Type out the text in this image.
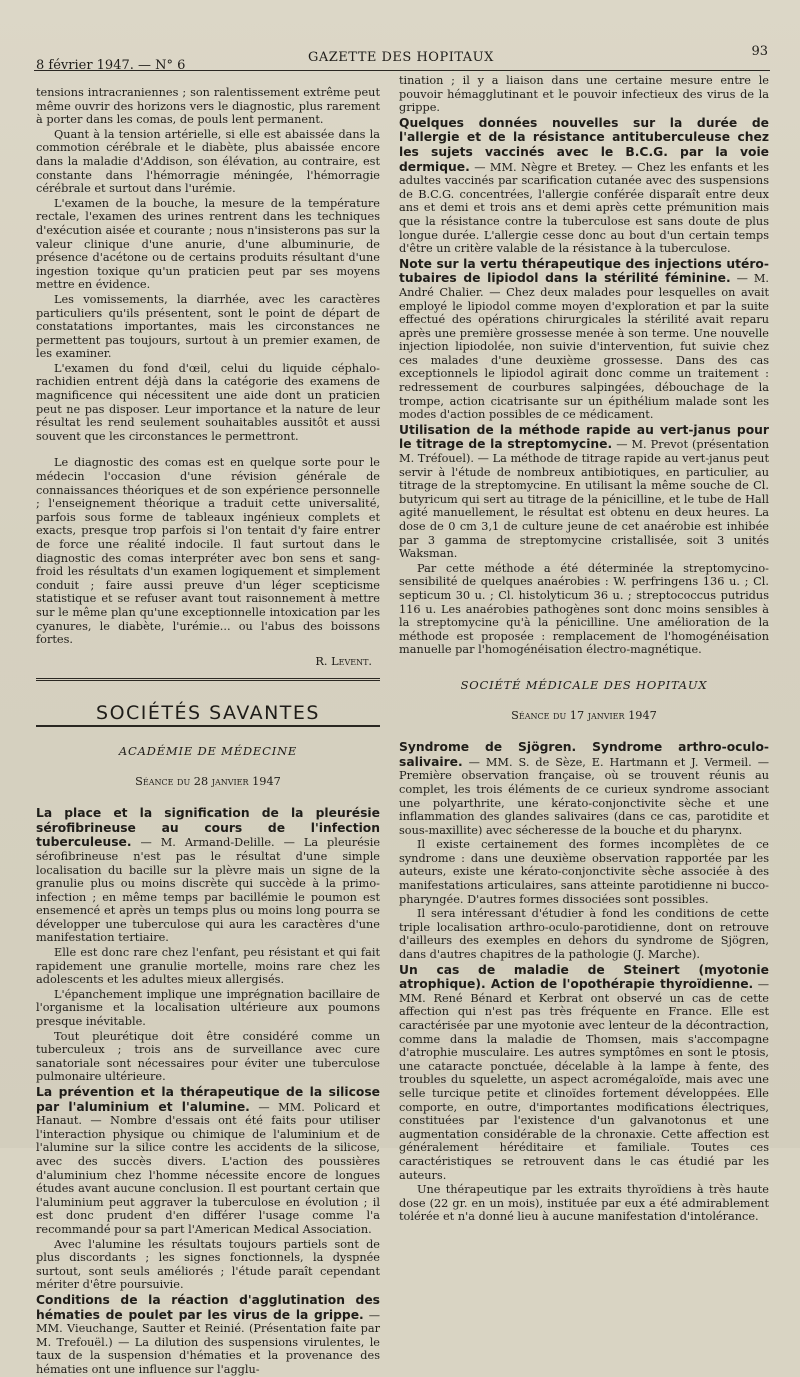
8 février 1947. — N° 6
GAZETTE DES HOPITAUX	93

tensions intracraniennes ; son ralentissement extrême peut même ouvrir des horizons vers le diagnostic, plus rarement à porter dans les comas, de pouls lent permanent.

Quant à la tension artérielle, si elle est abaissée dans la commotion cérébrale et le diabète, plus abaissée encore dans la maladie d'Addison, son élévation, au contraire, est constante dans l'hémorragie méningée, l'hémorragie cérébrale et surtout dans l'urémie.

L'examen de la bouche, la mesure de la température rectale, l'examen des urines rentrent dans les techniques d'exécution aisée et courante ; nous n'insisterons pas sur la valeur clinique d'une anurie, d'une albuminurie, de présence d'acétone ou de certains produits résultant d'une ingestion toxique qu'un praticien peut par ses moyens mettre en évidence.

Les vomissements, la diarrhée, avec les caractères particuliers qu'ils présentent, sont le point de départ de constatations importantes, mais les circonstances ne permettent pas toujours, surtout à un premier examen, de les examiner.

L'examen du fond d'œil, celui du liquide céphalo-rachidien entrent déjà dans la catégorie des examens de magnificence qui nécessitent une aide dont un praticien peut ne pas disposer. Leur importance et la nature de leur résultat les rend seulement souhaitables aussitôt et aussi souvent que les circonstances le permettront.

Le diagnostic des comas est en quelque sorte pour le médecin l'occasion d'une révision générale de connaissances théoriques et de son expérience personnelle ; l'enseignement théorique a traduit cette universalité, parfois sous forme de tableaux ingénieux complets et exacts, presque trop parfois si l'on tentait d'y faire entrer de force une réalité indocile. Il faut surtout dans le diagnostic des comas interpréter avec bon sens et sang-froid les résultats d'un examen logiquement et simplement conduit ; faire aussi preuve d'un léger scepticisme statistique et se refuser avant tout raisonnement à mettre sur le même plan qu'une exceptionnelle intoxication par les cyanures, le diabète, l'urémie... ou l'abus des boissons fortes.

R. Levent.
SOCIÉTÉS SAVANTES
ACADÉMIE DE MÉDECINE
Séance du 28 janvier 1947

La place et la signification de la pleurésie sérofibrineuse au cours de l'infection tuberculeuse. — M. Armand-Delille. — La pleurésie sérofibrineuse n'est pas le résultat d'une simple localisation du bacille sur la plèvre mais un signe de la granulie plus ou moins discrète qui succède à la primo-infection ; en même temps par bacillémie le poumon est ensemencé et après un temps plus ou moins long pourra se développer une tuberculose qui aura les caractères d'une manifestation tertiaire.

Elle est donc rare chez l'enfant, peu résistant et qui fait rapidement une granulie mortelle, moins rare chez les adolescents et les adultes mieux allergisés.

L'épanchement implique une imprégnation bacillaire de l'organisme et la localisation ultérieure aux poumons presque inévitable.

Tout pleurétique doit être considéré comme un tuberculeux ; trois ans de surveillance avec cure sanatoriale sont nécessaires pour éviter une tuberculose pulmonaire ultérieure.

La prévention et la thérapeutique de la silicose par l'aluminium et l'alumine. — MM. Policard et Hanaut. — Nombre d'essais ont été faits pour utiliser l'interaction physique ou chimique de l'aluminium et de l'alumine sur la silice contre les accidents de la silicose, avec des succès divers. L'action des poussières d'aluminium chez l'homme nécessite encore de longues études avant aucune conclusion. Il est pourtant certain que l'aluminium peut aggraver la tuberculose en évolution ; il est donc prudent d'en différer l'usage comme l'a recommandé pour sa part l'American Medical Association.

Avec l'alumine les résultats toujours partiels sont de plus discordants ; les signes fonctionnels, la dyspnée surtout, sont seuls améliorés ; l'étude paraît cependant mériter d'être poursuivie.

Conditions de la réaction d'agglutination des hématies de poulet par les virus de la grippe. — MM. Vieuchange, Sautter et Reinié. (Présentation faite par M. Trefouël.) — La dilution des suspensions virulentes, le taux de la suspension d'hématies et la provenance des hématies ont une influence sur l'agglu-

tination ; il y a liaison dans une certaine mesure entre le pouvoir hémagglutinant et le pouvoir infectieux des virus de la grippe.

Quelques données nouvelles sur la durée de l'allergie et de la résistance antituberculeuse chez les sujets vaccinés avec le B.C.G. par la voie dermique. — MM. Nègre et Bretey. — Chez les enfants et les adultes vaccinés par scarification cutanée avec des suspensions de B.C.G. concentrées, l'allergie conférée disparaît entre deux ans et demi et trois ans et demi après cette prémunition mais que la résistance contre la tuberculose est sans doute de plus longue durée. L'allergie cesse donc au bout d'un certain temps d'être un critère valable de la résistance à la tuberculose.

Note sur la vertu thérapeutique des injections utéro-tubaires de lipiodol dans la stérilité féminine. — M. André Chalier. — Chez deux malades pour lesquelles on avait employé le lipiodol comme moyen d'exploration et par la suite effectué des opérations chirurgicales la stérilité avait reparu après une première grossesse menée à son terme. Une nouvelle injection lipiodolée, non suivie d'intervention, fut suivie chez ces malades d'une deuxième grossesse. Dans des cas exceptionnels le lipiodol agirait donc comme un traitement : redressement de courbures salpingées, débouchage de la trompe, action cicatrisante sur un épithélium malade sont les modes d'action possibles de ce médicament.

Utilisation de la méthode rapide au vert-janus pour le titrage de la streptomycine. — M. Prevot (présentation M. Tréfouel). — La méthode de titrage rapide au vert-janus peut servir à l'étude de nombreux antibiotiques, en particulier, au titrage de la streptomycine. En utilisant la même souche de Cl. butyricum qui sert au titrage de la pénicilline, et le tube de Hall agité manuellement, le résultat est obtenu en deux heures. La dose de 0 cm 3,1 de culture jeune de cet anaérobie est inhibée par 3 gamma de streptomycine cristallisée, soit 3 unités Waksman.

Par cette méthode a été déterminée la streptomycino-sensibilité de quelques anaérobies : W. perfringens 136 u. ; Cl. septicum 30 u. ; Cl. histolyticum 36 u. ; streptococcus putridus 116 u. Les anaérobies pathogènes sont donc moins sensibles à la streptomycine qu'à la pénicilline. Une amélioration de la méthode est proposée : remplacement de l'homogénéisation manuelle par l'homogénéisation électro-magnétique.

SOCIÉTÉ MÉDICALE DES HOPITAUX
Séance du 17 janvier 1947

Syndrome de Sjögren. Syndrome arthro-oculo-salivaire. — MM. S. de Sèze, E. Hartmann et J. Vermeil. — Première observation française, où se trouvent réunis au complet, les trois éléments de ce curieux syndrome associant une polyarthrite, une kérato-conjonctivite sèche et une inflammation des glandes salivaires (dans ce cas, parotidite et sous-maxillite) avec sécheresse de la bouche et du pharynx.

Il existe certainement des formes incomplètes de ce syndrome : dans une deuxième observation rapportée par les auteurs, existe une kérato-conjonctivite sèche associée à des manifestations articulaires, sans atteinte parotidienne ni bucco-pharyngée. D'autres formes dissociées sont possibles.

Il sera intéressant d'étudier à fond les conditions de cette triple localisation arthro-oculo-parotidienne, dont on retrouve d'ailleurs des exemples en dehors du syndrome de Sjögren, dans d'autres chapitres de la pathologie (J. Marche).

Un cas de maladie de Steinert (myotonie atrophique). Action de l'opothérapie thyroïdienne. — MM. René Bénard et Kerbrat ont observé un cas de cette affection qui n'est pas très fréquente en France. Elle est caractérisée par une myotonie avec lenteur de la décontraction, comme dans la maladie de Thomsen, mais s'accompagne d'atrophie musculaire. Les autres symptômes en sont le ptosis, une cataracte ponctuée, décelable à la lampe à fente, des troubles du squelette, un aspect acromégaloïde, mais avec une selle turcique petite et clinoïdes fortement développées. Elle comporte, en outre, d'importantes modifications électriques, constituées par l'existence d'un galvanotonus et une augmentation considérable de la chronaxie. Cette affection est généralement héréditaire et familiale. Toutes ces caractéristiques se retrouvent dans le cas étudié par les auteurs.

Une thérapeutique par les extraits thyroïdiens à très haute dose (22 gr. en un mois), instituée par eux a été admirablement tolérée et n'a donné lieu à aucune manifestation d'intolérance.
